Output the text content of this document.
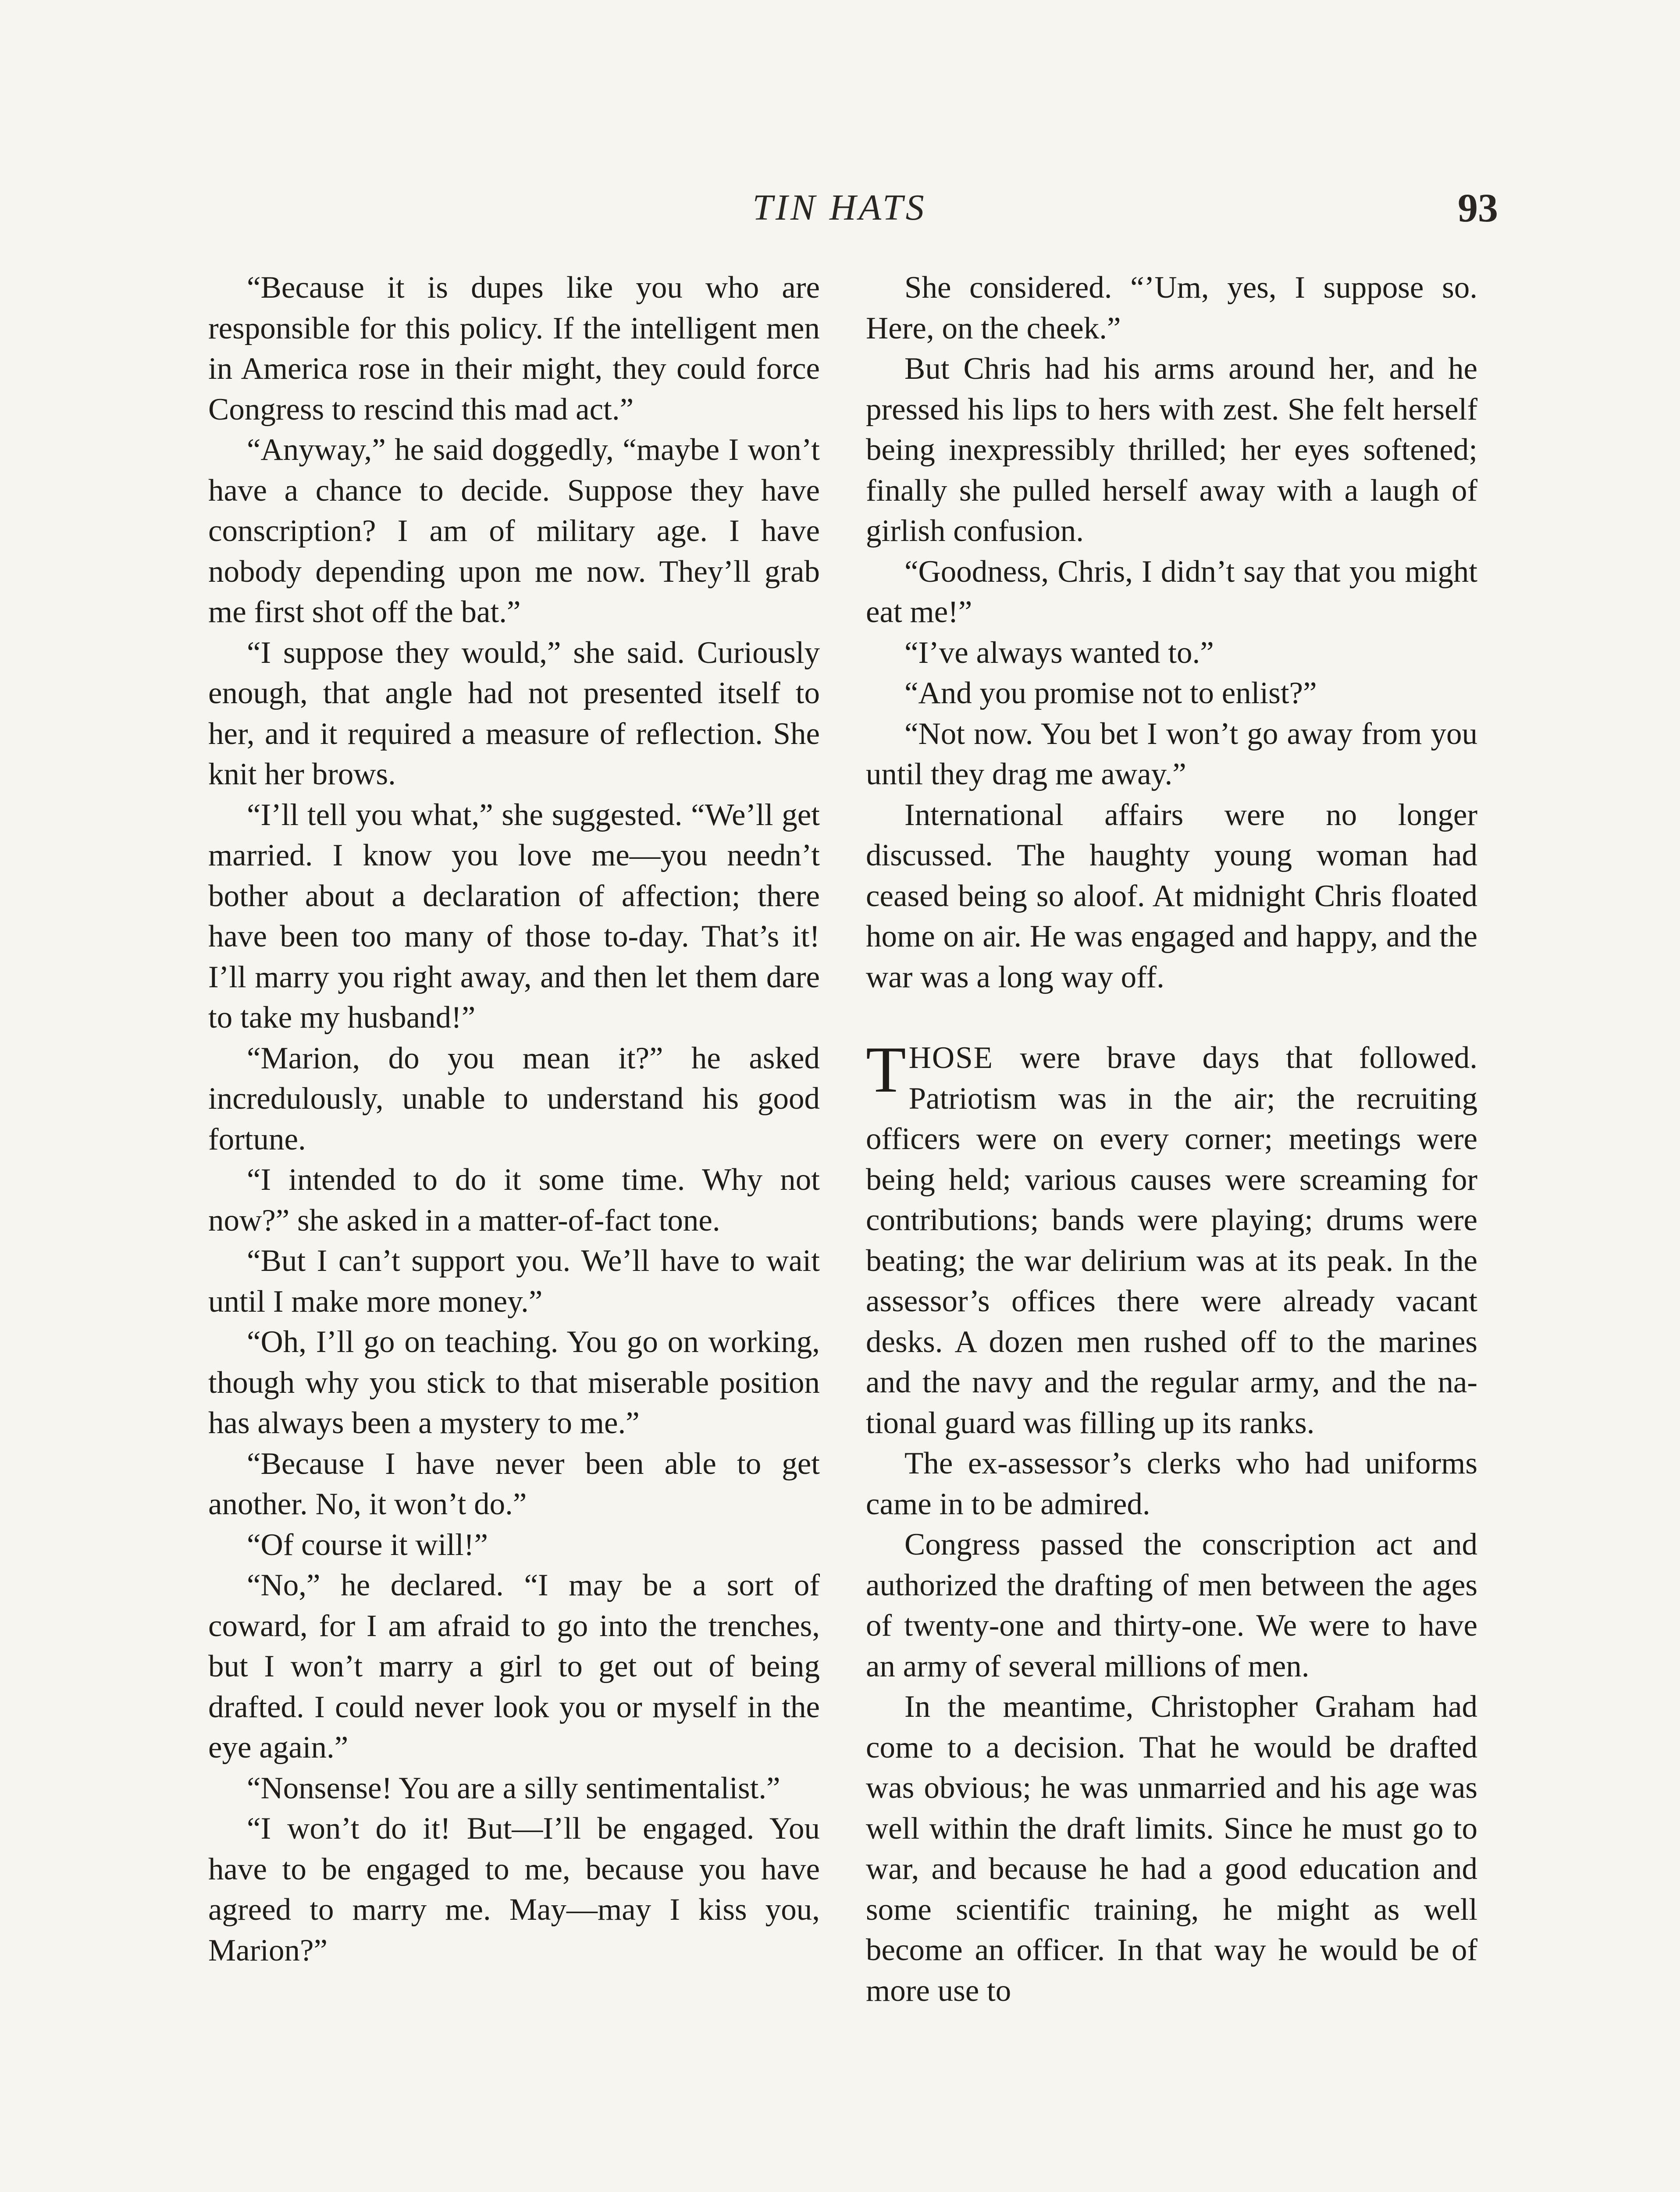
TIN HATS	93

“Because it is dupes like you who are responsible for this policy. If the intelligent men in America rose in their might, they could force Congress to rescind this mad act.”

“Anyway,” he said doggedly, “maybe I won’t have a chance to decide. Suppose they have conscription? I am of military age. I have nobody depending upon me now. They’ll grab me first shot off the bat.”

“I suppose they would,” she said. Curiously enough, that angle had not presented itself to her, and it required a measure of reflection. She knit her brows.

“I’ll tell you what,” she suggested. “We’ll get married. I know you love me—you needn’t bother about a declaration of affection; there have been too many of those to-day. That’s it! I’ll marry you right away, and then let them dare to take my husband!”

“Marion, do you mean it?” he asked incredulously, unable to understand his good fortune.

“I intended to do it some time. Why not now?” she asked in a matter-of-fact tone.

“But I can’t support you. We’ll have to wait until I make more money.”

“Oh, I’ll go on teaching. You go on working, though why you stick to that miserable position has always been a mystery to me.”

“Because I have never been able to get another. No, it won’t do.”

“Of course it will!”

“No,” he declared. “I may be a sort of coward, for I am afraid to go into the trenches, but I won’t marry a girl to get out of being drafted. I could never look you or myself in the eye again.”

“Nonsense! You are a silly sentimentalist.”

“I won’t do it! But—I’ll be engaged. You have to be engaged to me, because you have agreed to marry me. May—may I kiss you, Marion?”

She considered. “’Um, yes, I suppose so. Here, on the cheek.”

But Chris had his arms around her, and he pressed his lips to hers with zest. She felt herself being inexpressibly thrilled; her eyes softened; finally she pulled herself away with a laugh of girlish confusion.

“Goodness, Chris, I didn’t say that you might eat me!”

“I’ve always wanted to.”

“And you promise not to enlist?”

“Not now. You bet I won’t go away from you until they drag me away.”

International affairs were no longer discussed. The haughty young woman had ceased being so aloof. At midnight Chris floated home on air. He was engaged and happy, and the war was a long way off.

THOSE were brave days that followed. Patriotism was in the air; the recruiting officers were on every corner; meetings were being held; various causes were screaming for contributions; bands were playing; drums were beating; the war delirium was at its peak. In the assessor’s offices there were already vacant desks. A dozen men rushed off to the marines and the navy and the regular army, and the national guard was filling up its ranks.

The ex-assessor’s clerks who had uniforms came in to be admired.

Congress passed the conscription act and authorized the drafting of men between the ages of twenty-one and thirty-one. We were to have an army of several millions of men.

In the meantime, Christopher Graham had come to a decision. That he would be drafted was obvious; he was unmarried and his age was well within the draft limits. Since he must go to war, and because he had a good education and some scientific training, he might as well become an officer. In that way he would be of more use to
